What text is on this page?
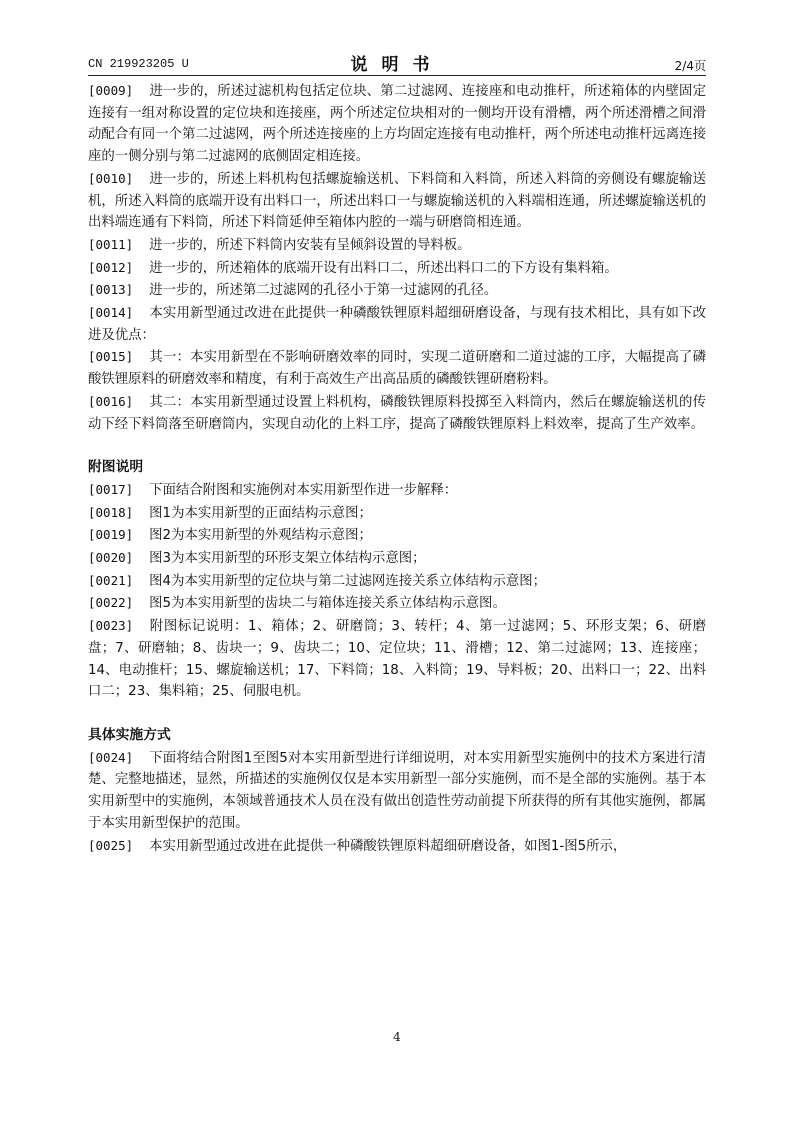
CN 219923205 U	说明书	2/4页

[0009] 进一步的，所述过滤机构包括定位块、第二过滤网、连接座和电动推杆，所述箱体的内壁固定连接有一组对称设置的定位块和连接座，两个所述定位块相对的一侧均开设有滑槽，两个所述滑槽之间滑动配合有同一个第二过滤网，两个所述连接座的上方均固定连接有电动推杆，两个所述电动推杆远离连接座的一侧分别与第二过滤网的底侧固定相连接。

[0010] 进一步的，所述上料机构包括螺旋输送机、下料筒和入料筒，所述入料筒的旁侧设有螺旋输送机，所述入料筒的底端开设有出料口一，所述出料口一与螺旋输送机的入料端相连通，所述螺旋输送机的出料端连通有下料筒，所述下料筒延伸至箱体内腔的一端与研磨筒相连通。

[0011] 进一步的，所述下料筒内安装有呈倾斜设置的导料板。

[0012] 进一步的，所述箱体的底端开设有出料口二，所述出料口二的下方设有集料箱。

[0013] 进一步的，所述第二过滤网的孔径小于第一过滤网的孔径。

[0014] 本实用新型通过改进在此提供一种磷酸铁锂原料超细研磨设备，与现有技术相比，具有如下改进及优点：

[0015] 其一：本实用新型在不影响研磨效率的同时，实现二道研磨和二道过滤的工序，大幅提高了磷酸铁锂原料的研磨效率和精度，有利于高效生产出高品质的磷酸铁锂研磨粉料。

[0016] 其二：本实用新型通过设置上料机构，磷酸铁锂原料投掷至入料筒内，然后在螺旋输送机的传动下经下料筒落至研磨筒内，实现自动化的上料工序，提高了磷酸铁锂原料上料效率，提高了生产效率。

附图说明

[0017] 下面结合附图和实施例对本实用新型作进一步解释：

[0018] 图1为本实用新型的正面结构示意图；

[0019] 图2为本实用新型的外观结构示意图；

[0020] 图3为本实用新型的环形支架立体结构示意图；

[0021] 图4为本实用新型的定位块与第二过滤网连接关系立体结构示意图；

[0022] 图5为本实用新型的齿块二与箱体连接关系立体结构示意图。

[0023] 附图标记说明：1、箱体；2、研磨筒；3、转杆；4、第一过滤网；5、环形支架；6、研磨盘；7、研磨轴；8、齿块一；9、齿块二；10、定位块；11、滑槽；12、第二过滤网；13、连接座；14、电动推杆；15、螺旋输送机；17、下料筒；18、入料筒；19、导料板；20、出料口一；22、出料口二；23、集料箱；25、伺服电机。

具体实施方式

[0024] 下面将结合附图1至图5对本实用新型进行详细说明，对本实用新型实施例中的技术方案进行清楚、完整地描述，显然，所描述的实施例仅仅是本实用新型一部分实施例，而不是全部的实施例。基于本实用新型中的实施例，本领域普通技术人员在没有做出创造性劳动前提下所获得的所有其他实施例，都属于本实用新型保护的范围。

[0025] 本实用新型通过改进在此提供一种磷酸铁锂原料超细研磨设备，如图1-图5所示，

4
